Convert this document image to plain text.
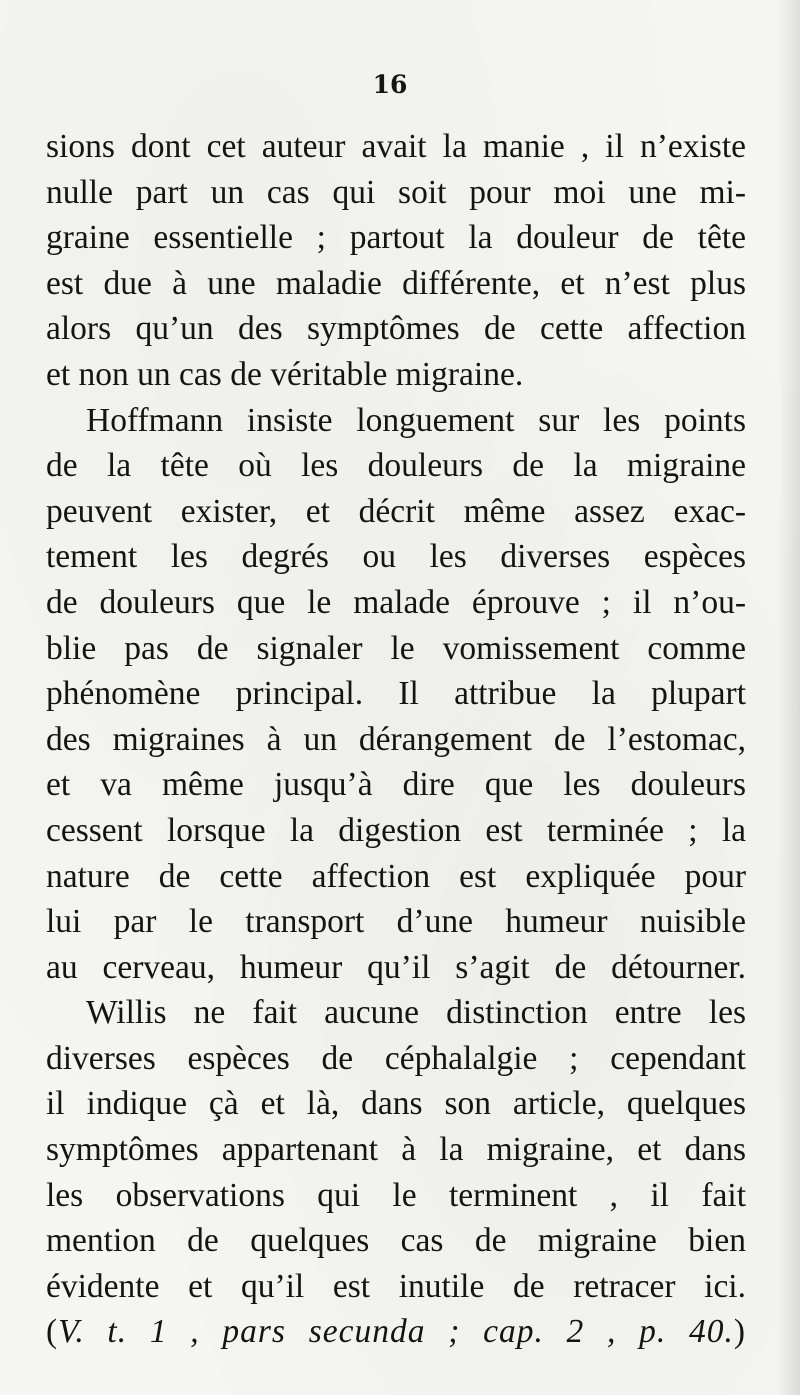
16

sions dont cet auteur avait la manie , il n’existe
nulle part un cas qui soit pour moi une mi-
graine essentielle ; partout la douleur de tête
est due à une maladie différente, et n’est plus
alors qu’un des symptômes de cette affection
et non un cas de véritable migraine.
Hoffmann insiste longuement sur les points
de la tête où les douleurs de la migraine
peuvent exister, et décrit même assez exac-
tement les degrés ou les diverses espèces
de douleurs que le malade éprouve ; il n’ou-
blie pas de signaler le vomissement comme
phénomène principal. Il attribue la plupart
des migraines à un dérangement de l’estomac,
et va même jusqu’à dire que les douleurs
cessent lorsque la digestion est terminée ; la
nature de cette affection est expliquée pour
lui par le transport d’une humeur nuisible
au cerveau, humeur qu’il s’agit de détourner.
Willis ne fait aucune distinction entre les
diverses espèces de céphalalgie ; cependant
il indique çà et là, dans son article, quelques
symptômes appartenant à la migraine, et dans
les observations qui le terminent , il fait
mention de quelques cas de migraine bien
évidente et qu’il est inutile de retracer ici.
(V. t. 1 , pars secunda ; cap. 2 , p. 40.)
